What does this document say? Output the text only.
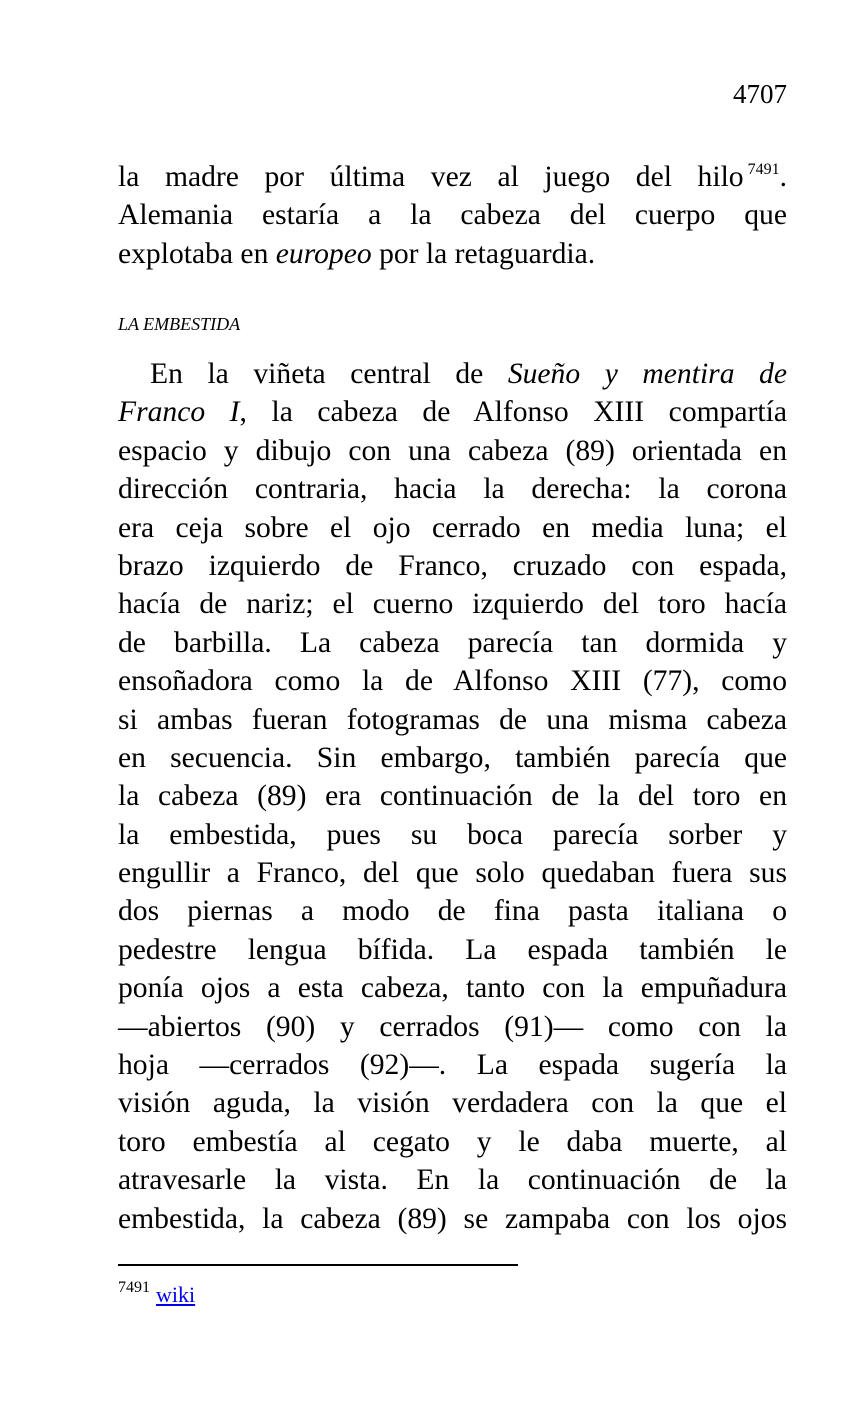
4707
la madre por última vez al juego del hilo $^{7491}$.
Alemania estaría a la cabeza del cuerpo que
explotaba en europeo por la retaguardia.
LA EMBESTIDA
En la viñeta central de Sueño y mentira de
Franco I, la cabeza de Alfonso XIII compartía
espacio y dibujo con una cabeza (89) orientada en
dirección contraria, hacia la derecha: la corona
era ceja sobre el ojo cerrado en media luna; el
brazo izquierdo de Franco, cruzado con espada,
hacía de nariz; el cuerno izquierdo del toro hacía
de barbilla. La cabeza parecía tan dormida y
ensoñadora como la de Alfonso XIII (77), como
si ambas fueran fotogramas de una misma cabeza
en secuencia. Sin embargo, también parecía que
la cabeza (89) era continuación de la del toro en
la embestida, pues su boca parecía sorber y
engullir a Franco, del que solo quedaban fuera sus
dos piernas a modo de fina pasta italiana o
pedestre lengua bífida. La espada también le
ponía ojos a esta cabeza, tanto con la empuñadura
—abiertos (90) y cerrados (91)— como con la
hoja —cerrados (92)—. La espada sugería la
visión aguda, la visión verdadera con la que el
toro embestía al cegato y le daba muerte, al
atravesarle la vista. En la continuación de la
embestida, la cabeza (89) se zampaba con los ojos
$^{7491}$ wiki
